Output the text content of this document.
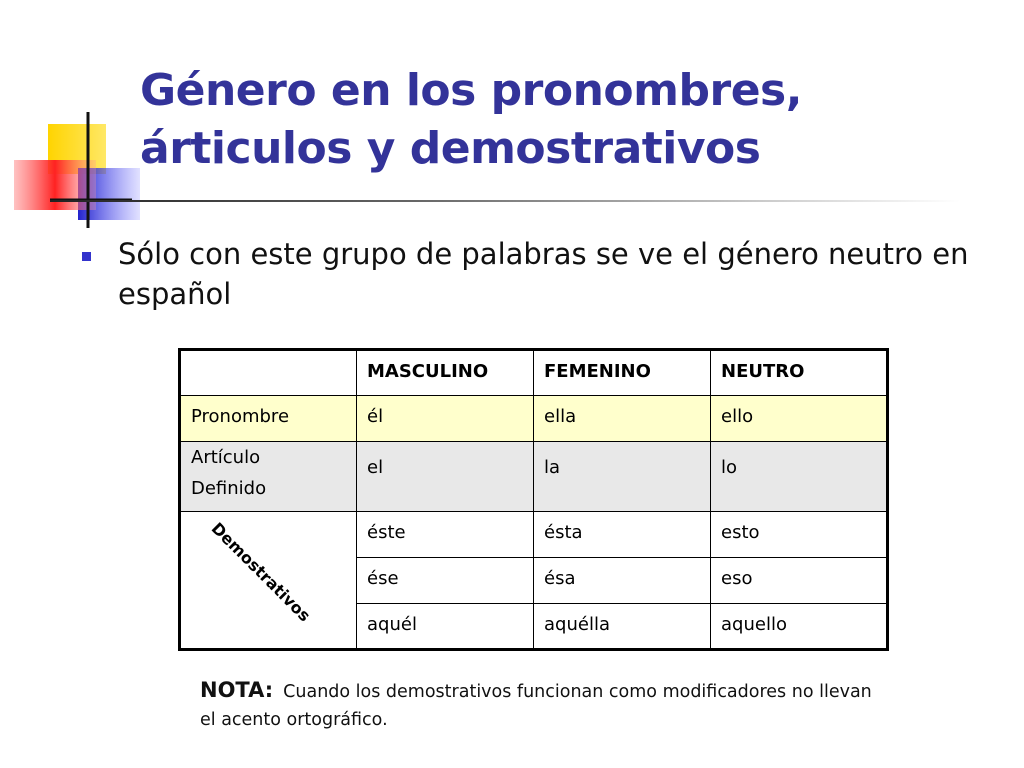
Género en los pronombres,
árticulos y demostrativos

Sólo con este grupo de palabras se ve el género neutro en español

	MASCULINO	FEMENINO	NEUTRO
Pronombre	él	ella	ello
Artículo
Definido	el	la	lo

Demostrativos	éste	ésta	esto
	ése	ésa	eso
	aquél	aquélla	aquello
NOTA: Cuando los demostrativos funcionan como modificadores no llevan el acento ortográfico.
